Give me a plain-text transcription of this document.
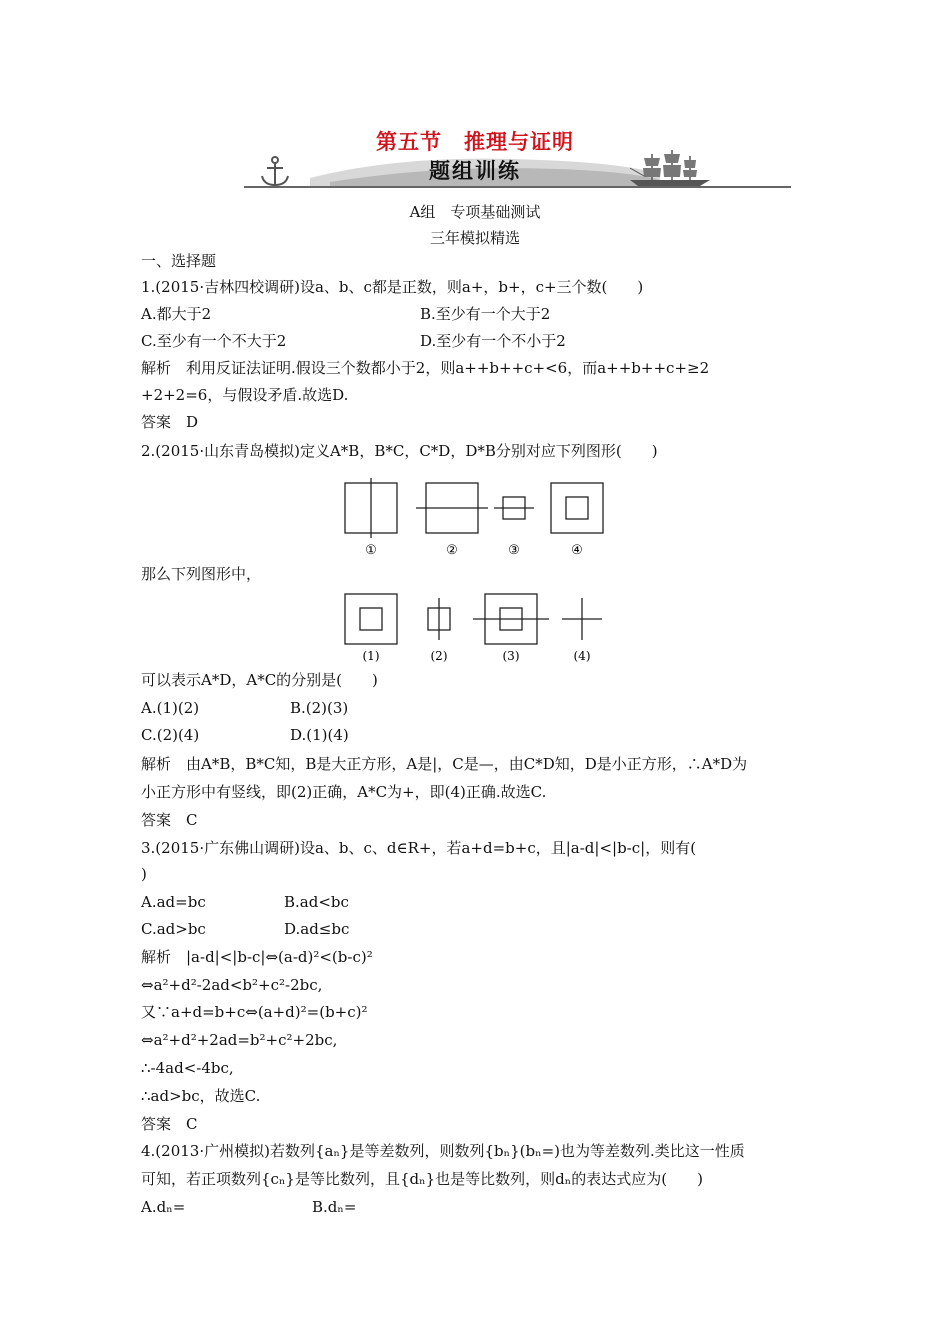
第五节　推理与证明
题组训练
A组　专项基础测试
三年模拟精选
一、选择题
1.(2015·吉林四校调研)设a、b、c都是正数，则a+，b+，c+三个数(　　)
A.都大于2	B.至少有一个大于2
C.至少有一个不大于2	D.至少有一个不小于2
解析　利用反证法证明.假设三个数都小于2，则a++b++c+<6，而a++b++c+≥2
+2+2=6，与假设矛盾.故选D.
答案　D
2.(2015·山东青岛模拟)定义A*B，B*C，C*D，D*B分别对应下列图形(　　)
①	②	③	④
那么下列图形中，
(1)	(2)	(3)	(4)
可以表示A*D，A*C的分别是(　　)
A.(1)(2)	B.(2)(3)
C.(2)(4)	D.(1)(4)
解析　由A*B，B*C知，B是大正方形，A是|，C是—，由C*D知，D是小正方形，∴A*D为
小正方形中有竖线，即(2)正确，A*C为+，即(4)正确.故选C.
答案　C
3.(2015·广东佛山调研)设a、b、c、d∈R+，若a+d=b+c，且|a-d|<|b-c|，则有(
)
A.ad=bc	B.ad<bc
C.ad>bc	D.ad≤bc
解析　|a-d|<|b-c|⇔(a-d)²<(b-c)²
⇔a²+d²-2ad<b²+c²-2bc,
又∵a+d=b+c⇔(a+d)²=(b+c)²
⇔a²+d²+2ad=b²+c²+2bc,
∴-4ad<-4bc,
∴ad>bc，故选C.
答案　C
4.(2013·广州模拟)若数列{aₙ}是等差数列，则数列{bₙ}(bₙ=)也为等差数列.类比这一性质
可知，若正项数列{cₙ}是等比数列，且{dₙ}也是等比数列，则dₙ的表达式应为(　　)
A.dₙ=	B.dₙ=
